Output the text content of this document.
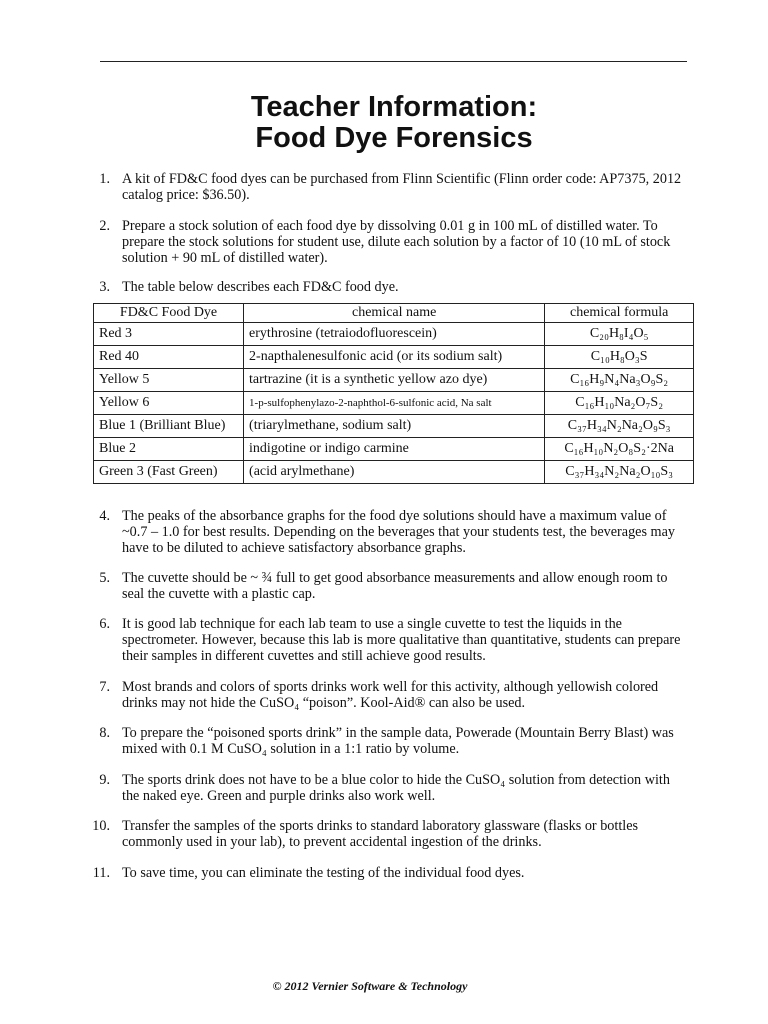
Teacher Information:
Food Dye Forensics
1. A kit of FD&C food dyes can be purchased from Flinn Scientific (Flinn order code: AP7375, 2012 catalog price: $36.50).
2. Prepare a stock solution of each food dye by dissolving 0.01 g in 100 mL of distilled water. To prepare the stock solutions for student use, dilute each solution by a factor of 10 (10 mL of stock solution + 90 mL of distilled water).
3. The table below describes each FD&C food dye.
FD&C Food Dye	chemical name	chemical formula
Red 3	erythrosine (tetraiodofluorescein)	C₂₀H₈I₄O₅
Red 40	2-napthalenesulfonic acid (or its sodium salt)	C₁₀H₈O₃S
Yellow 5	tartrazine (it is a synthetic yellow azo dye)	C₁₆H₉N₄Na₃O₉S₂
Yellow 6	1-p-sulfophenylazo-2-naphthol-6-sulfonic acid, Na salt	C₁₆H₁₀Na₂O₇S₂
Blue 1 (Brilliant Blue)	(triarylmethane, sodium salt)	C₃₇H₃₄N₂Na₂O₉S₃
Blue 2	indigotine or indigo carmine	C₁₆H₁₀N₂O₈S₂·2Na
Green 3 (Fast Green)	(acid arylmethane)	C₃₇H₃₄N₂Na₂O₁₀S₃
4. The peaks of the absorbance graphs for the food dye solutions should have a maximum value of ~0.7 – 1.0 for best results. Depending on the beverages that your students test, the beverages may have to be diluted to achieve satisfactory absorbance graphs.
5. The cuvette should be ~ ¾ full to get good absorbance measurements and allow enough room to seal the cuvette with a plastic cap.
6. It is good lab technique for each lab team to use a single cuvette to test the liquids in the spectrometer. However, because this lab is more qualitative than quantitative, students can prepare their samples in different cuvettes and still achieve good results.
7. Most brands and colors of sports drinks work well for this activity, although yellowish colored drinks may not hide the CuSO₄ “poison”. Kool-Aid® can also be used.
8. To prepare the “poisoned sports drink” in the sample data, Powerade (Mountain Berry Blast) was mixed with 0.1 M CuSO₄ solution in a 1:1 ratio by volume.
9. The sports drink does not have to be a blue color to hide the CuSO₄ solution from detection with the naked eye. Green and purple drinks also work well.
10. Transfer the samples of the sports drinks to standard laboratory glassware (flasks or bottles commonly used in your lab), to prevent accidental ingestion of the drinks.
11. To save time, you can eliminate the testing of the individual food dyes.
© 2012 Vernier Software & Technology
